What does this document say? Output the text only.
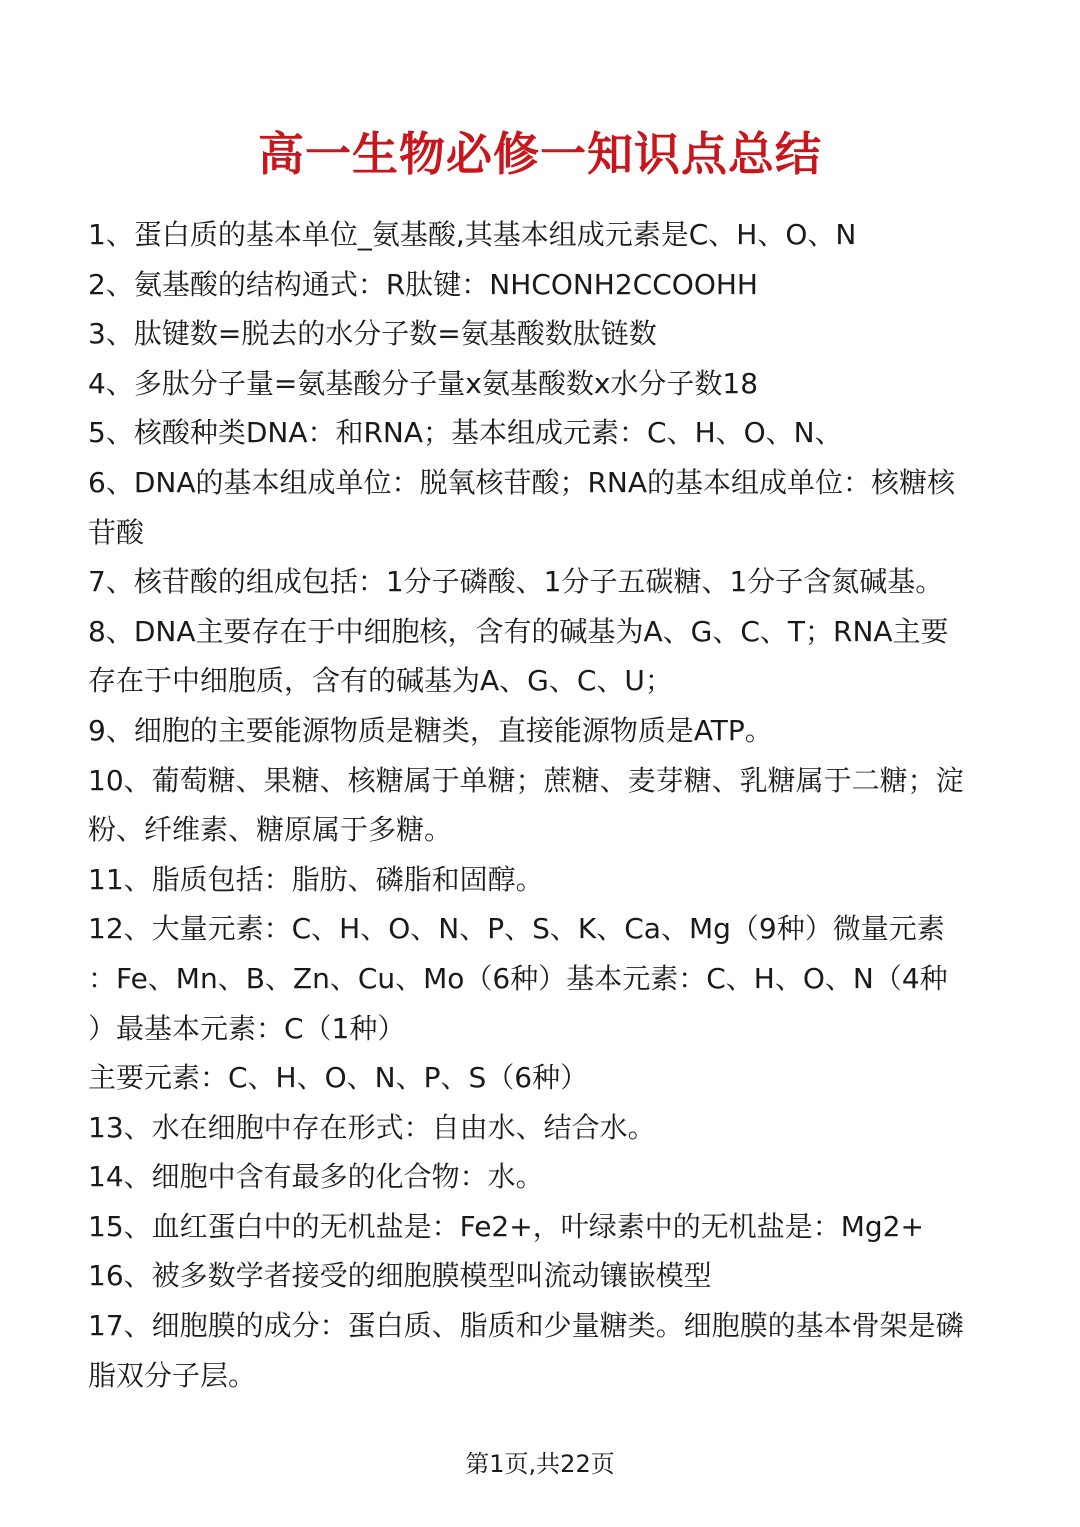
高一生物必修一知识点总结
1、蛋白质的基本单位_氨基酸,其基本组成元素是C、H、O、N
2、氨基酸的结构通式：R肽键：NHCONH2CCOOHH
3、肽键数=脱去的水分子数=氨基酸数肽链数
4、多肽分子量=氨基酸分子量x氨基酸数x水分子数18
5、核酸种类DNA：和RNA；基本组成元素：C、H、O、N、
6、DNA的基本组成单位：脱氧核苷酸；RNA的基本组成单位：核糖核
苷酸
7、核苷酸的组成包括：1分子磷酸、1分子五碳糖、1分子含氮碱基。
8、DNA主要存在于中细胞核，含有的碱基为A、G、C、T；RNA主要
存在于中细胞质，含有的碱基为A、G、C、U；
9、细胞的主要能源物质是糖类，直接能源物质是ATP。
10、葡萄糖、果糖、核糖属于单糖；蔗糖、麦芽糖、乳糖属于二糖；淀
粉、纤维素、糖原属于多糖。
11、脂质包括：脂肪、磷脂和固醇。
12、大量元素：C、H、O、N、P、S、K、Ca、Mg（9种）微量元素
：Fe、Mn、B、Zn、Cu、Mo（6种）基本元素：C、H、O、N（4种
）最基本元素：C（1种）
主要元素：C、H、O、N、P、S（6种）
13、水在细胞中存在形式：自由水、结合水。
14、细胞中含有最多的化合物：水。
15、血红蛋白中的无机盐是：Fe2+，叶绿素中的无机盐是：Mg2+
16、被多数学者接受的细胞膜模型叫流动镶嵌模型
17、细胞膜的成分：蛋白质、脂质和少量糖类。细胞膜的基本骨架是磷
脂双分子层。
第1页,共22页
